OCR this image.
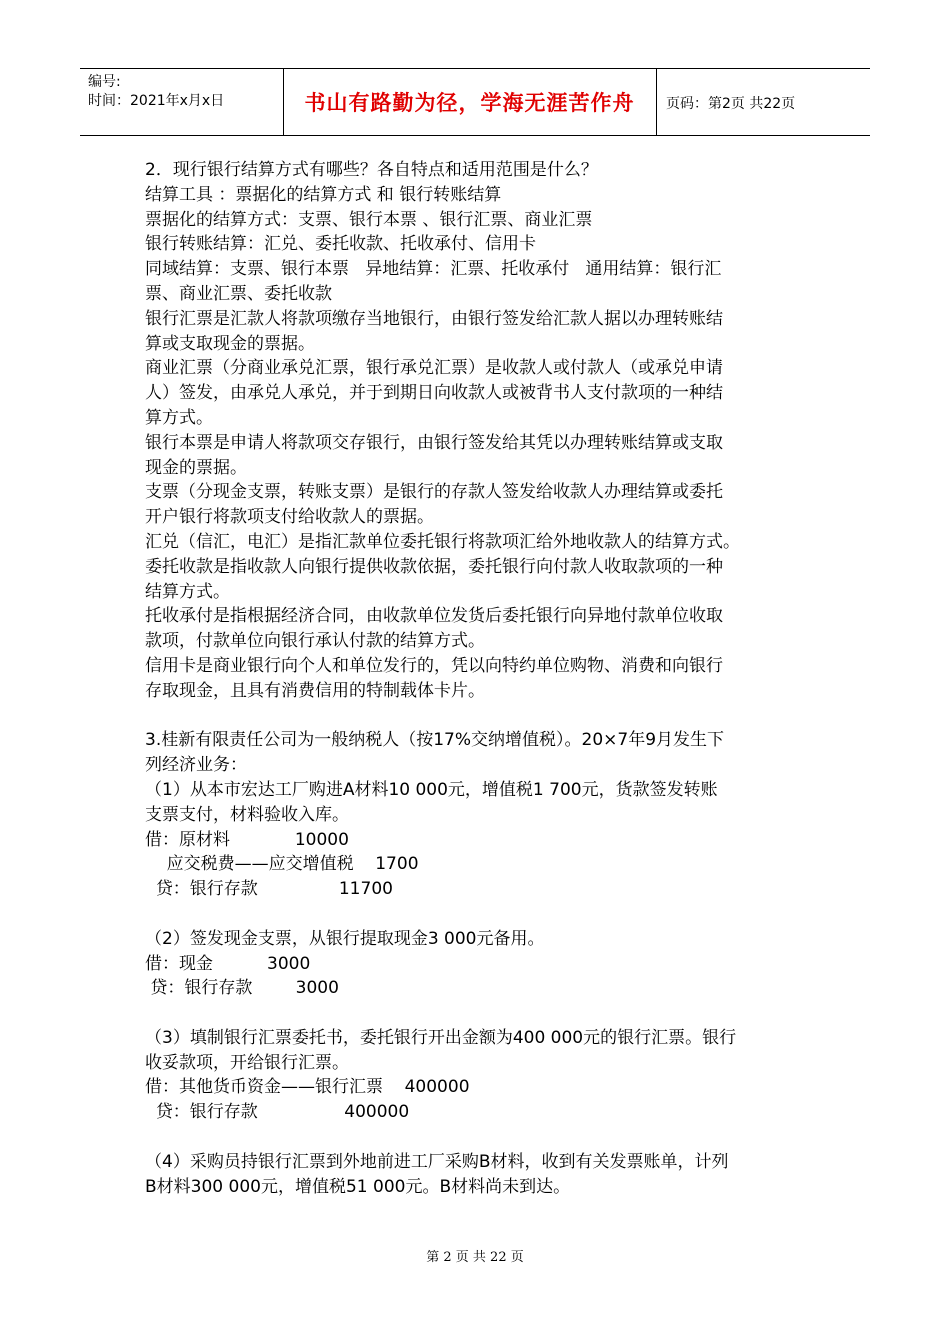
编号:
时间：2021年x月x日	书山有路勤为径，学海无涯苦作舟	页码：第2页 共22页

2．现行银行结算方式有哪些？各自特点和适用范围是什么？

结算工具 ：票据化的结算方式 和 银行转账结算

票据化的结算方式：支票、银行本票 、银行汇票、商业汇票

银行转账结算：汇兑、委托收款、托收承付、信用卡

同域结算：支票、银行本票   异地结算：汇票、托收承付   通用结算：银行汇

票、商业汇票、委托收款

银行汇票是汇款人将款项缴存当地银行，由银行签发给汇款人据以办理转账结

算或支取现金的票据。

商业汇票（分商业承兑汇票，银行承兑汇票）是收款人或付款人（或承兑申请

人）签发，由承兑人承兑，并于到期日向收款人或被背书人支付款项的一种结

算方式。

银行本票是申请人将款项交存银行，由银行签发给其凭以办理转账结算或支取

现金的票据。

支票（分现金支票，转账支票）是银行的存款人签发给收款人办理结算或委托

开户银行将款项支付给收款人的票据。

汇兑（信汇，电汇）是指汇款单位委托银行将款项汇给外地收款人的结算方式。

委托收款是指收款人向银行提供收款依据，委托银行向付款人收取款项的一种

结算方式。

托收承付是指根据经济合同，由收款单位发货后委托银行向异地付款单位收取

款项，付款单位向银行承认付款的结算方式。

信用卡是商业银行向个人和单位发行的，凭以向特约单位购物、消费和向银行

存取现金，且具有消费信用的特制载体卡片。

3.桂新有限责任公司为一般纳税人（按17%交纳增值税）。20×7年9月发生下

列经济业务：

（1）从本市宏达工厂购进A材料10 000元，增值税1 700元，货款签发转账

支票支付，材料验收入库。

借：原材料            10000

应交税费——应交增值税    1700

贷：银行存款               11700

（2）签发现金支票，从银行提取现金3 000元备用。

借：现金          3000

贷：银行存款        3000

（3）填制银行汇票委托书，委托银行开出金额为400 000元的银行汇票。银行

收妥款项，开给银行汇票。

借：其他货币资金——银行汇票    400000

贷：银行存款                400000

（4）采购员持银行汇票到外地前进工厂采购B材料，收到有关发票账单，计列

B材料300 000元，增值税51 000元。B材料尚未到达。

第 2 页 共 22 页
